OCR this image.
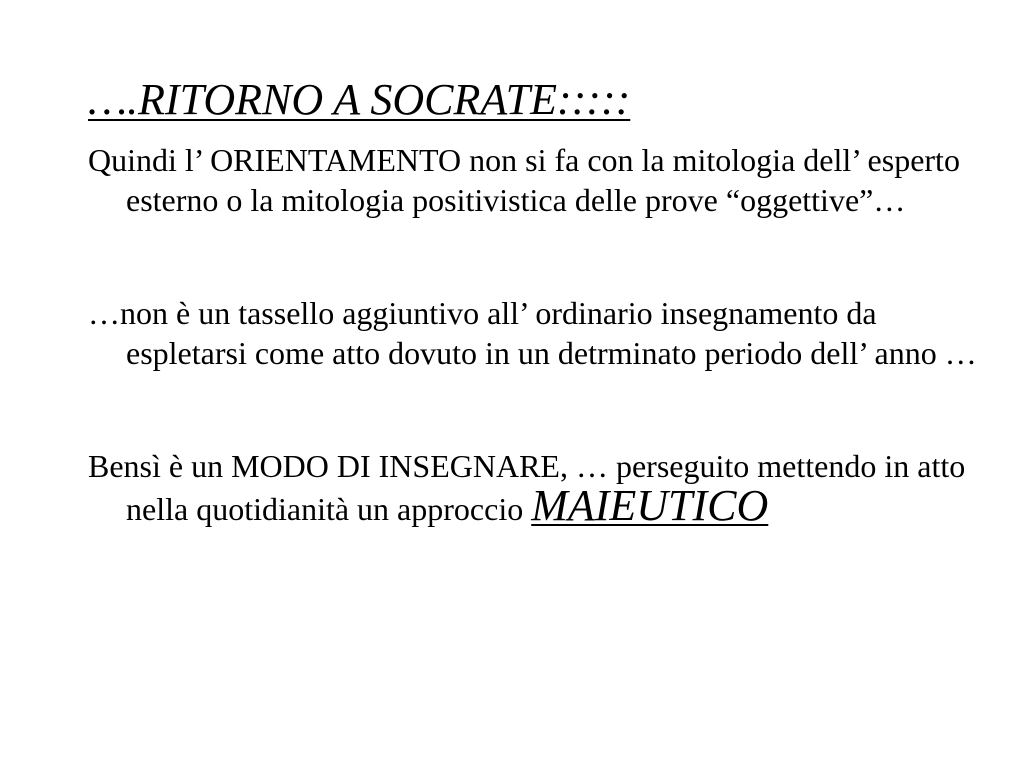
….RITORNO A SOCRATE:::::

Quindi l’ ORIENTAMENTO non si fa con la mitologia dell’ esperto esterno o la mitologia positivistica delle prove “oggettive”…

…non è un tassello aggiuntivo all’ ordinario insegnamento da espletarsi come atto dovuto in un detrminato periodo dell’ anno …

Bensì è un MODO DI INSEGNARE, … perseguito mettendo in atto nella quotidianità un approccio MAIEUTICO
